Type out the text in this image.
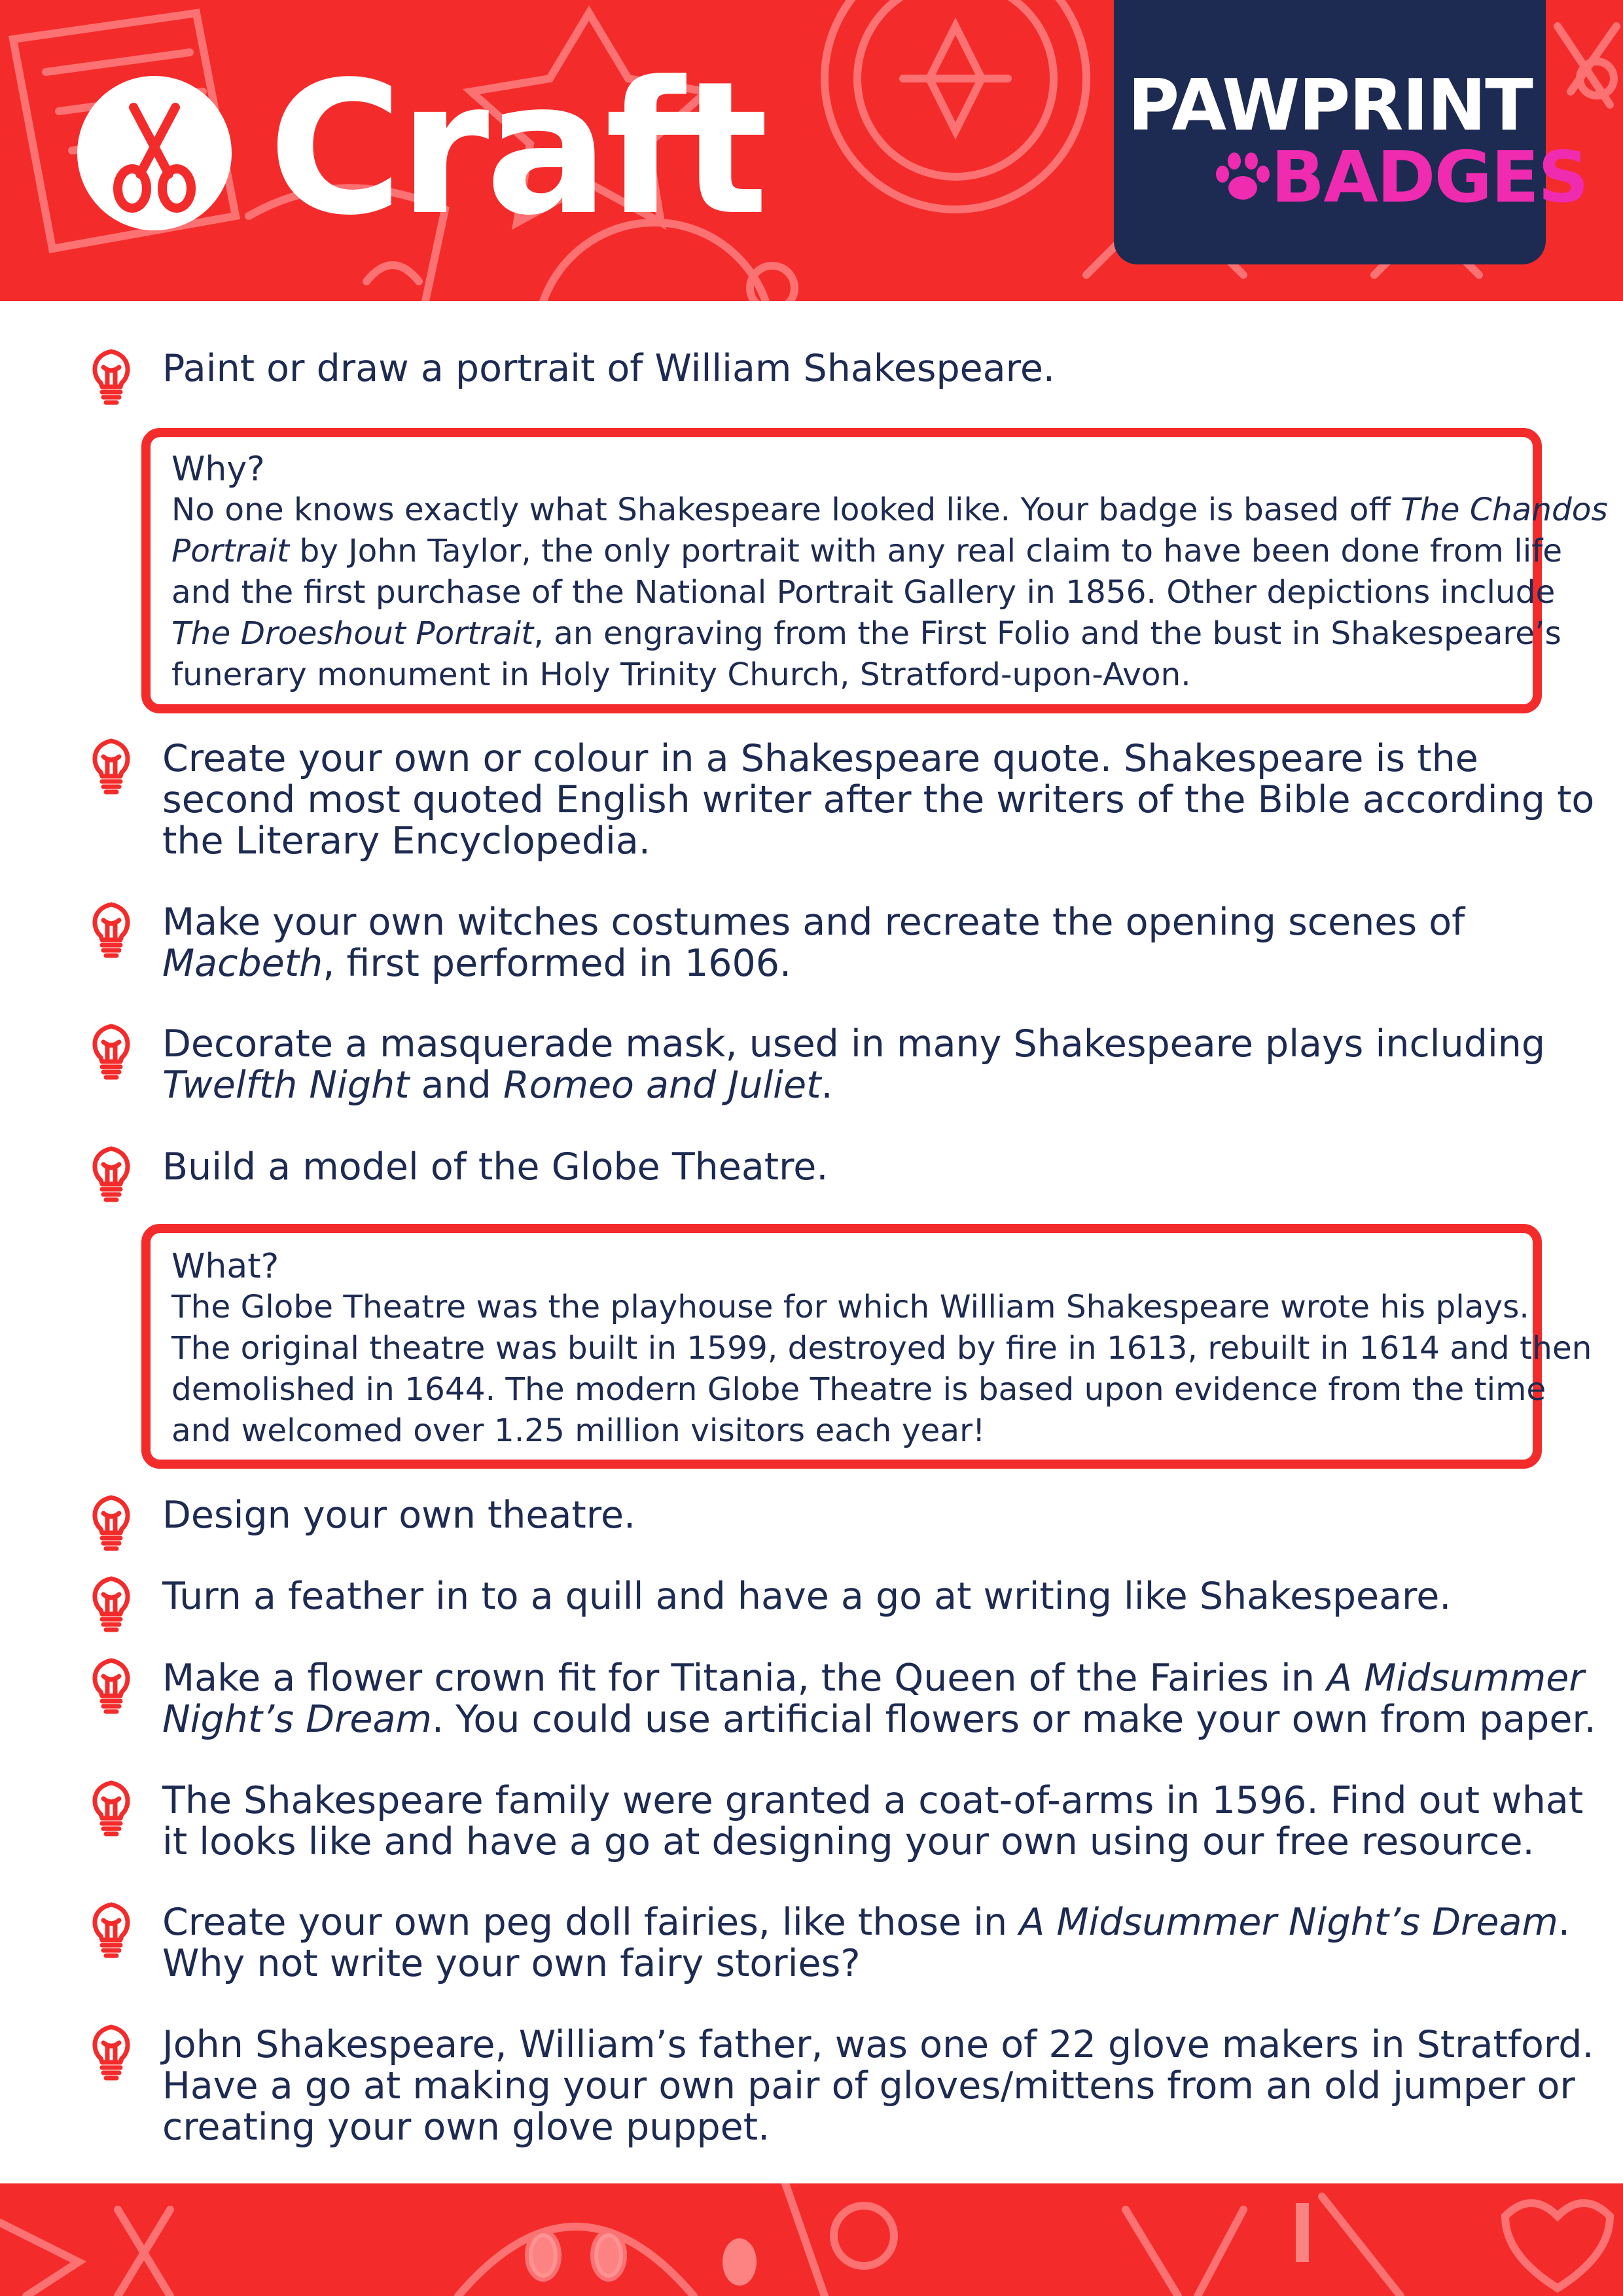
Craft	PAWPRINT
BADGES
Paint or draw a portrait of William Shakespeare.
Why?
No one knows exactly what Shakespeare looked like. Your badge is based off The Chandos
Portrait by John Taylor, the only portrait with any real claim to have been done from life
and the first purchase of the National Portrait Gallery in 1856. Other depictions include
The Droeshout Portrait, an engraving from the First Folio and the bust in Shakespeare’s
funerary monument in Holy Trinity Church, Stratford-upon-Avon.
Create your own or colour in a Shakespeare quote. Shakespeare is the
second most quoted English writer after the writers of the Bible according to
the Literary Encyclopedia.
Make your own witches costumes and recreate the opening scenes of
Macbeth, first performed in 1606.
Decorate a masquerade mask, used in many Shakespeare plays including
Twelfth Night and Romeo and Juliet.
Build a model of the Globe Theatre.
What?
The Globe Theatre was the playhouse for which William Shakespeare wrote his plays.
The original theatre was built in 1599, destroyed by fire in 1613, rebuilt in 1614 and then
demolished in 1644. The modern Globe Theatre is based upon evidence from the time
and welcomed over 1.25 million visitors each year!
Design your own theatre.
Turn a feather in to a quill and have a go at writing like Shakespeare.
Make a flower crown fit for Titania, the Queen of the Fairies in A Midsummer
Night’s Dream. You could use artificial flowers or make your own from paper.
The Shakespeare family were granted a coat-of-arms in 1596. Find out what
it looks like and have a go at designing your own using our free resource.
Create your own peg doll fairies, like those in A Midsummer Night’s Dream.
Why not write your own fairy stories?
John Shakespeare, William’s father, was one of 22 glove makers in Stratford.
Have a go at making your own pair of gloves/mittens from an old jumper or
creating your own glove puppet.
